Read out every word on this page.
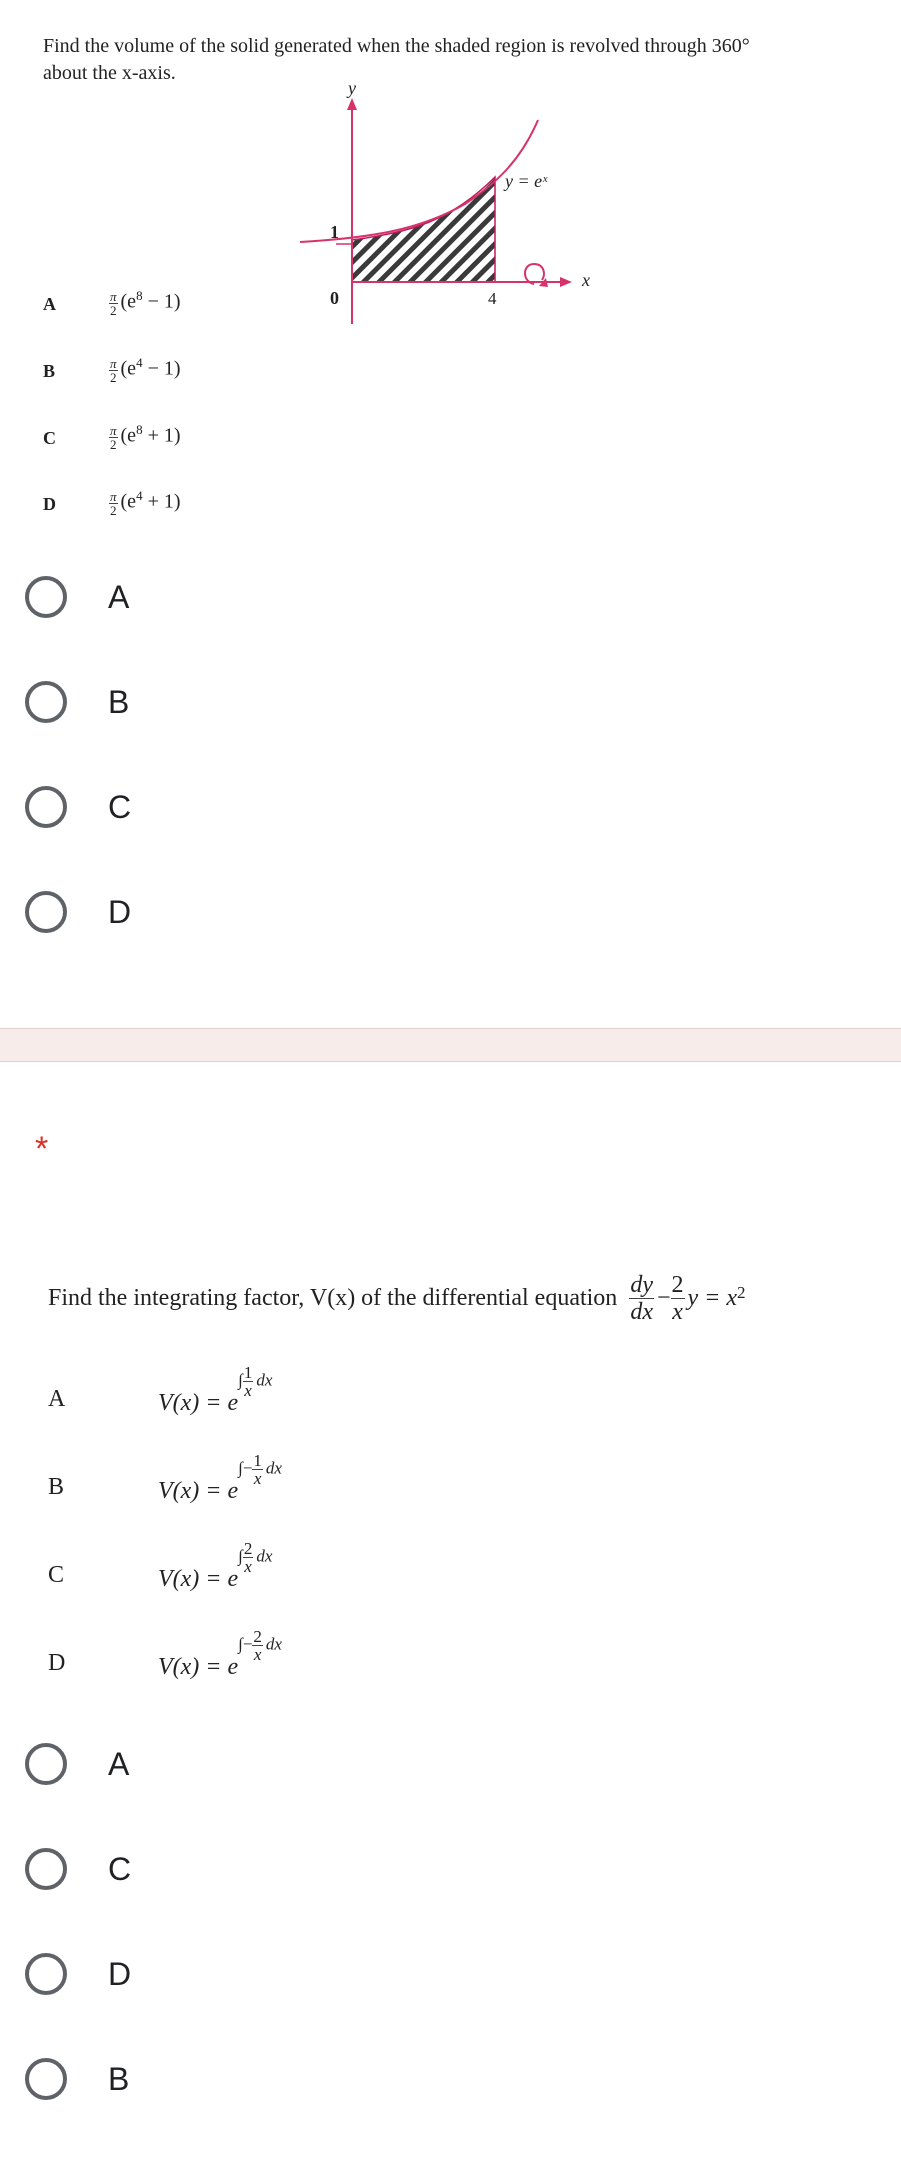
Find the volume of the solid generated when the shaded region is revolved through 360°
about the x-axis.
y
x
y = eˣ
1
0	4
A	$\frac{\pi}{2} (e^8 - 1)$
B	$\frac{\pi}{2} (e^4 - 1)$
C	$\frac{\pi}{2} (e^8 + 1)$
D	$\frac{\pi}{2} (e^4 + 1)$
A
B
C
D
*
Find the integrating factor, V(x) of the differential equation $\frac{dy}{dx} - \frac{2}{x}$ $y = x^2$
A	$V(x) = e\int \frac{1}{x}$ dx
B	$V(x) = e\int- \frac{1}{x}$ dx
C	$V(x) = e\int \frac{2}{x}$ dx
D	$V(x) = e\int- \frac{2}{x}$ dx
A
C
D
B
